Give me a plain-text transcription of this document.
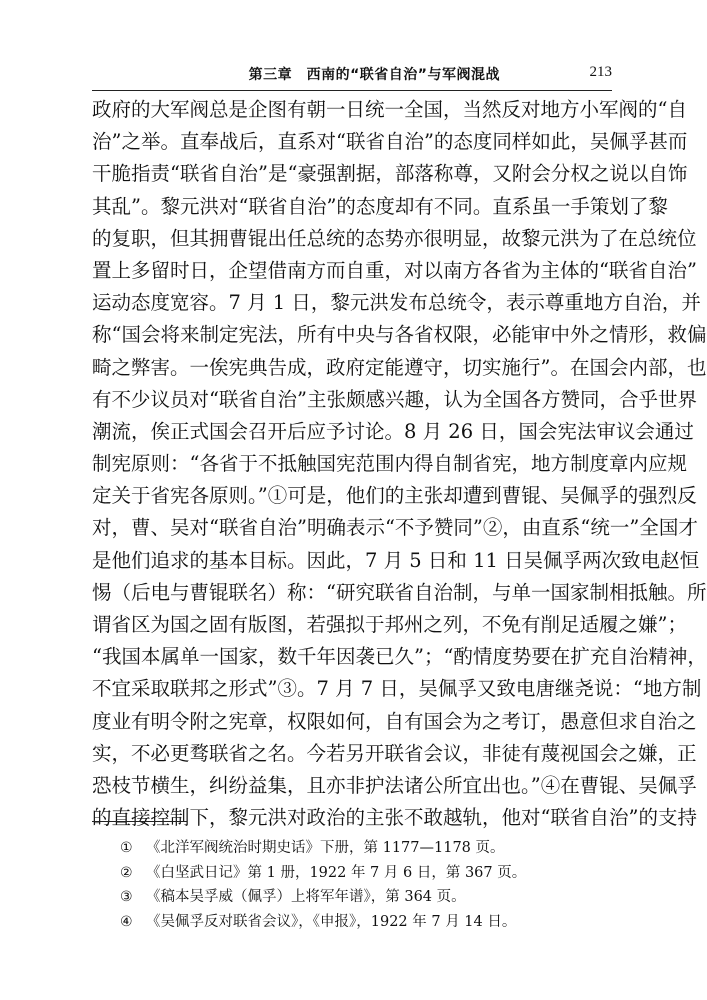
第三章　西南的“联省自治”与军阀混战	213
政府的大军阀总是企图有朝一日统一全国，当然反对地方小军阀的“自
治”之举。直奉战后，直系对“联省自治”的态度同样如此，吴佩孚甚而
干脆指责“联省自治”是“豪强割据，部落称尊，又附会分权之说以自饰
其乱”。黎元洪对“联省自治”的态度却有不同。直系虽一手策划了黎
的复职，但其拥曹锟出任总统的态势亦很明显，故黎元洪为了在总统位
置上多留时日，企望借南方而自重，对以南方各省为主体的“联省自治”
运动态度宽容。7 月 1 日，黎元洪发布总统令，表示尊重地方自治，并
称“国会将来制定宪法，所有中央与各省权限，必能审中外之情形，救偏
畸之弊害。一俟宪典告成，政府定能遵守，切实施行”。在国会内部，也
有不少议员对“联省自治”主张颇感兴趣，认为全国各方赞同，合乎世界
潮流，俟正式国会召开后应予讨论。8 月 26 日，国会宪法审议会通过
制宪原则：“各省于不抵触国宪范围内得自制省宪，地方制度章内应规
定关于省宪各原则。”①可是，他们的主张却遭到曹锟、吴佩孚的强烈反
对，曹、吴对“联省自治”明确表示“不予赞同”②，由直系“统一”全国才
是他们追求的基本目标。因此，7 月 5 日和 11 日吴佩孚两次致电赵恒
惕（后电与曹锟联名）称：“研究联省自治制，与单一国家制相抵触。所
谓省区为国之固有版图，若强拟于邦州之列，不免有削足适履之嫌”；
“我国本属单一国家，数千年因袭已久”；“酌情度势要在扩充自治精神，
不宜采取联邦之形式”③。7 月 7 日，吴佩孚又致电唐继尧说：“地方制
度业有明令附之宪章，权限如何，自有国会为之考订，愚意但求自治之
实，不必更骛联省之名。今若另开联省会议，非徒有蔑视国会之嫌，正
恐枝节横生，纠纷益集，且亦非护法诸公所宜出也。”④在曹锟、吴佩孚
的直接控制下，黎元洪对政治的主张不敢越轨，他对“联省自治”的支持
① 《北洋军阀统治时期史话》下册，第 1177—1178 页。
② 《白坚武日记》第 1 册，1922 年 7 月 6 日，第 367 页。
③ 《稿本吴孚威（佩孚）上将军年谱》，第 364 页。
④ 《吴佩孚反对联省会议》，《申报》，1922 年 7 月 14 日。
